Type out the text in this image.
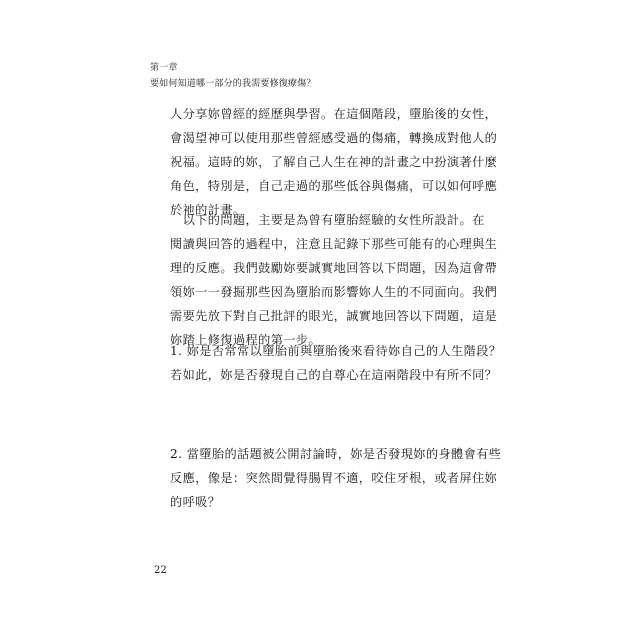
第一章
要如何知道哪一部分的我需要修復療傷？
人分享妳曾經的經歷與學習。在這個階段，墮胎後的女性，
會渴望神可以使用那些曾經感受過的傷痛，轉換成對他人的
祝福。這時的妳，了解自己人生在神的計畫之中扮演著什麼
角色，特別是，自己走過的那些低谷與傷痛，可以如何呼應
於祂的計畫。
　以下的問題，主要是為曾有墮胎經驗的女性所設計。在
閱讀與回答的過程中，注意且記錄下那些可能有的心理與生
理的反應。我們鼓勵妳要誠實地回答以下問題，因為這會帶
領妳一一發掘那些因為墮胎而影響妳人生的不同面向。我們
需要先放下對自己批評的眼光，誠實地回答以下問題，這是
妳踏上修復過程的第一步。
1. 妳是否常常以墮胎前與墮胎後來看待妳自己的人生階段？
若如此，妳是否發現自己的自尊心在這兩階段中有所不同？
2. 當墮胎的話題被公開討論時，妳是否發現妳的身體會有些
反應，像是：突然間覺得腸胃不適，咬住牙根，或者屏住妳
的呼吸？
22
